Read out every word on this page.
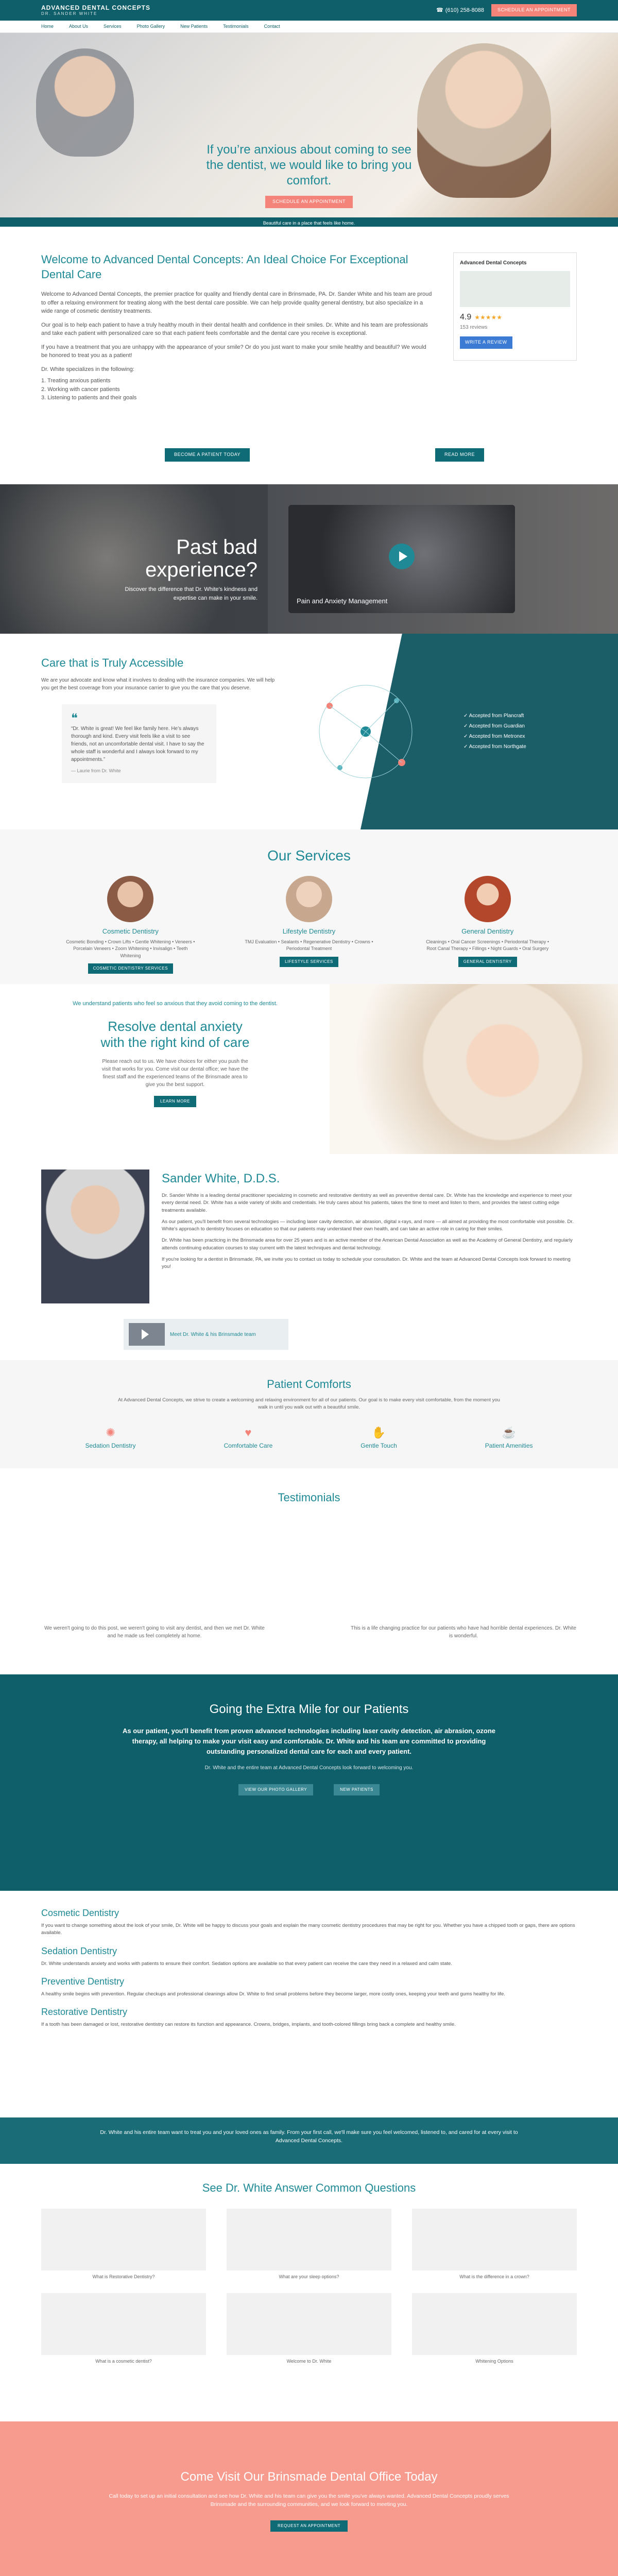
ADVANCED DENTAL CONCEPTS
DR. SANDER WHITE
☎ (610) 258-8088	SCHEDULE AN APPOINTMENT
Home	About Us	Services	Photo Gallery	New Patients	Testimonials	Contact
If you’re anxious about coming to see the dentist, we would like to bring you comfort.
SCHEDULE AN APPOINTMENT
Beautiful care in a place that feels like home.
Welcome to Advanced Dental Concepts: An Ideal Choice For Exceptional Dental Care

Welcome to Advanced Dental Concepts, the premier practice for quality and friendly dental care in Brinsmade, PA. Dr. Sander White and his team are proud to offer a relaxing environment for treating along with the best dental care possible. We can help provide quality general dentistry, but also specialize in a wide range of cosmetic dentistry treatments.

Our goal is to help each patient to have a truly healthy mouth in their dental health and confidence in their smiles. Dr. White and his team are professionals and take each patient with personalized care so that each patient feels comfortable and the dental care you receive is exceptional.

If you have a treatment that you are unhappy with the appearance of your smile? Or do you just want to make your smile healthy and beautiful? We would be honored to treat you as a patient!

Dr. White specializes in the following:

1. Treating anxious patients
2. Working with cancer patients
3. Listening to patients and their goals
Advanced Dental Concepts
4.9 ★★★★★
153 reviews
WRITE A REVIEW
BECOME A PATIENT TODAY	READ MORE
Past bad experience?
Discover the difference that Dr. White's kindness and expertise can make in your smile.	Pain and Anxiety Management
Care that is Truly Accessible

We are your advocate and know what it involves to dealing with the insurance companies. We will help you get the best coverage from your insurance carrier to give you the care that you deserve.

❝

“Dr. White is great! We feel like family here. He’s always thorough and kind. Every visit feels like a visit to see friends, not an uncomfortable dental visit. I have to say the whole staff is wonderful and I always look forward to my appointments.”

— Laurie from Dr. White

✓ Accepted from Plancraft
✓ Accepted from Guardian
✓ Accepted from Metronex
✓ Accepted from Northgate
Our Services
Cosmetic Dentistry
Cosmetic Bonding • Crown Lifts • Gentle Whitening • Veneers • Porcelain Veneers • Zoom Whitening • Invisalign • Teeth Whitening
COSMETIC DENTISTRY SERVICES
Lifestyle Dentistry
TMJ Evaluation • Sealants • Regenerative Dentistry • Crowns • Periodontal Treatment
LIFESTYLE SERVICES
General Dentistry
Cleanings • Oral Cancer Screenings • Periodontal Therapy • Root Canal Therapy • Fillings • Night Guards • Oral Surgery
GENERAL DENTISTRY

We understand patients who feel so anxious that they avoid coming to the dentist.

Resolve dental anxiety with the right kind of care

Please reach out to us. We have choices for either you push the visit that works for you. Come visit our dental office; we have the finest staff and the experienced teams of the Brinsmade area to give you the best support.

LEARN MORE
Sander White, D.D.S.

Dr. Sander White is a leading dental practitioner specializing in cosmetic and restorative dentistry as well as preventive dental care. Dr. White has the knowledge and experience to meet your every dental need. Dr. White has a wide variety of skills and credentials. He truly cares about his patients, takes the time to meet and listen to them, and provides the latest cutting edge treatments available.

As our patient, you'll benefit from several technologies — including laser cavity detection, air abrasion, digital x-rays, and more — all aimed at providing the most comfortable visit possible. Dr. White's approach to dentistry focuses on education so that our patients may understand their own health, and can take an active role in caring for their smiles.

Dr. White has been practicing in the Brinsmade area for over 25 years and is an active member of the American Dental Association as well as the Academy of General Dentistry, and regularly attends continuing education courses to stay current with the latest techniques and dental technology.

If you're looking for a dentist in Brinsmade, PA, we invite you to contact us today to schedule your consultation. Dr. White and the team at Advanced Dental Concepts look forward to meeting you!

Meet Dr. White & his Brinsmade team
Patient Comforts

At Advanced Dental Concepts, we strive to create a welcoming and relaxing environment for all of our patients. Our goal is to make every visit comfortable, from the moment you walk in until you walk out with a beautiful smile.

✺
Sedation Dentistry
♥
Comfortable Care
✋
Gentle Touch
☕
Patient Amenities
Testimonials

We weren't going to do this post, we weren't going to visit any dentist, and then we met Dr. White and he made us feel completely at home.

This is a life changing practice for our patients who have had horrible dental experiences. Dr. White is wonderful.

Going the Extra Mile for our Patients

As our patient, you'll benefit from proven advanced technologies including laser cavity detection, air abrasion, ozone therapy, all helping to make your visit easy and comfortable. Dr. White and his team are committed to providing outstanding personalized dental care for each and every patient.

Dr. White and the entire team at Advanced Dental Concepts look forward to welcoming you.

VIEW OUR PHOTO GALLERY	NEW PATIENTS
Cosmetic Dentistry

If you want to change something about the look of your smile, Dr. White will be happy to discuss your goals and explain the many cosmetic dentistry procedures that may be right for you. Whether you have a chipped tooth or gaps, there are options available.

Sedation Dentistry

Dr. White understands anxiety and works with patients to ensure their comfort. Sedation options are available so that every patient can receive the care they need in a relaxed and calm state.

Preventive Dentistry

A healthy smile begins with prevention. Regular checkups and professional cleanings allow Dr. White to find small problems before they become larger, more costly ones, keeping your teeth and gums healthy for life.

Restorative Dentistry

If a tooth has been damaged or lost, restorative dentistry can restore its function and appearance. Crowns, bridges, implants, and tooth-colored fillings bring back a complete and healthy smile.

Dr. White and his entire team want to treat you and your loved ones as family. From your first call, we'll make sure you feel welcomed, listened to, and cared for at every visit to Advanced Dental Concepts.

See Dr. White Answer Common Questions
What is Restorative Dentistry?	What are your sleep options?	What is the difference in a crown?
What is a cosmetic dentist?	Welcome to Dr. White	Whitening Options
Come Visit Our Brinsmade Dental Office Today

Call today to set up an initial consultation and see how Dr. White and his team can give you the smile you've always wanted. Advanced Dental Concepts proudly serves Brinsmade and the surrounding communities, and we look forward to meeting you.

REQUEST AN APPOINTMENT
